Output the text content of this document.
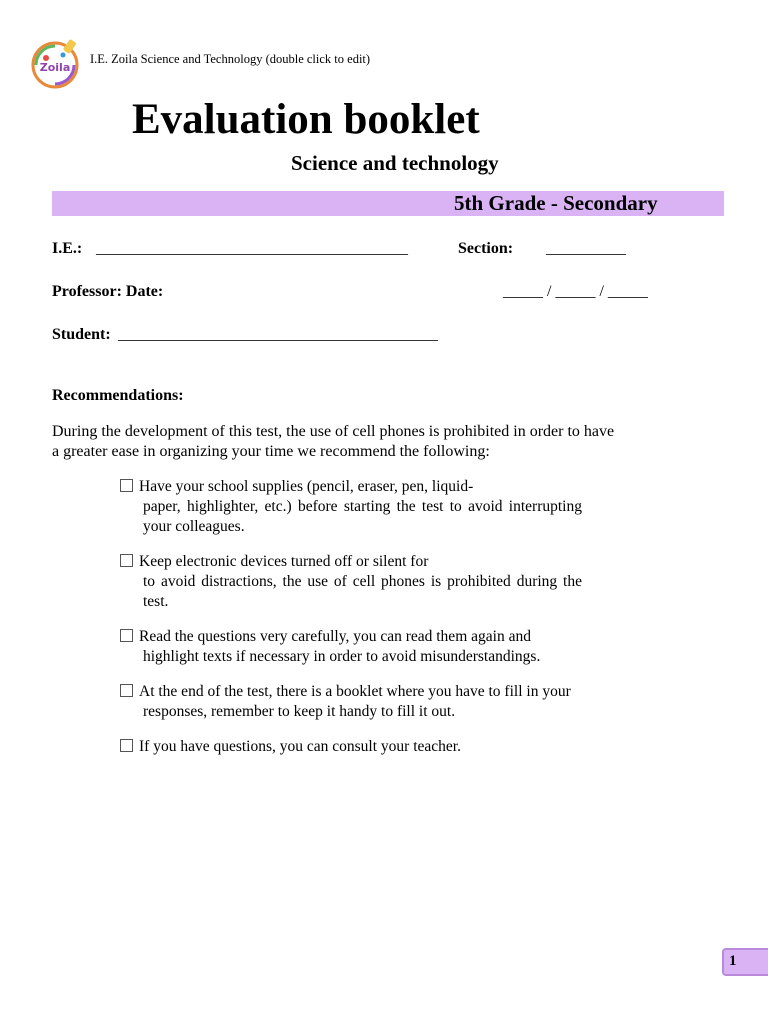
Zoila
I.E. Zoila Science and Technology (double click to edit)
Evaluation booklet
Science and technology
5th Grade - Secondary
I.E.: _______________________________________	Section: __________
Professor: Date:	_____ / _____ / _____
Student: ________________________________________
Recommendations:
During the development of this test, the use of cell phones is prohibited in order to have
a greater ease in organizing your time we recommend the following:
Have your school supplies (pencil, eraser, pen, liquid-
paper, highlighter, etc.) before starting the test to avoid interrupting your colleagues.
Keep electronic devices turned off or silent for
to avoid distractions, the use of cell phones is prohibited during the test.
Read the questions very carefully, you can read them again and
highlight texts if necessary in order to avoid misunderstandings.
At the end of the test, there is a booklet where you have to fill in your
responses, remember to keep it handy to fill it out.
If you have questions, you can consult your teacher.
1
